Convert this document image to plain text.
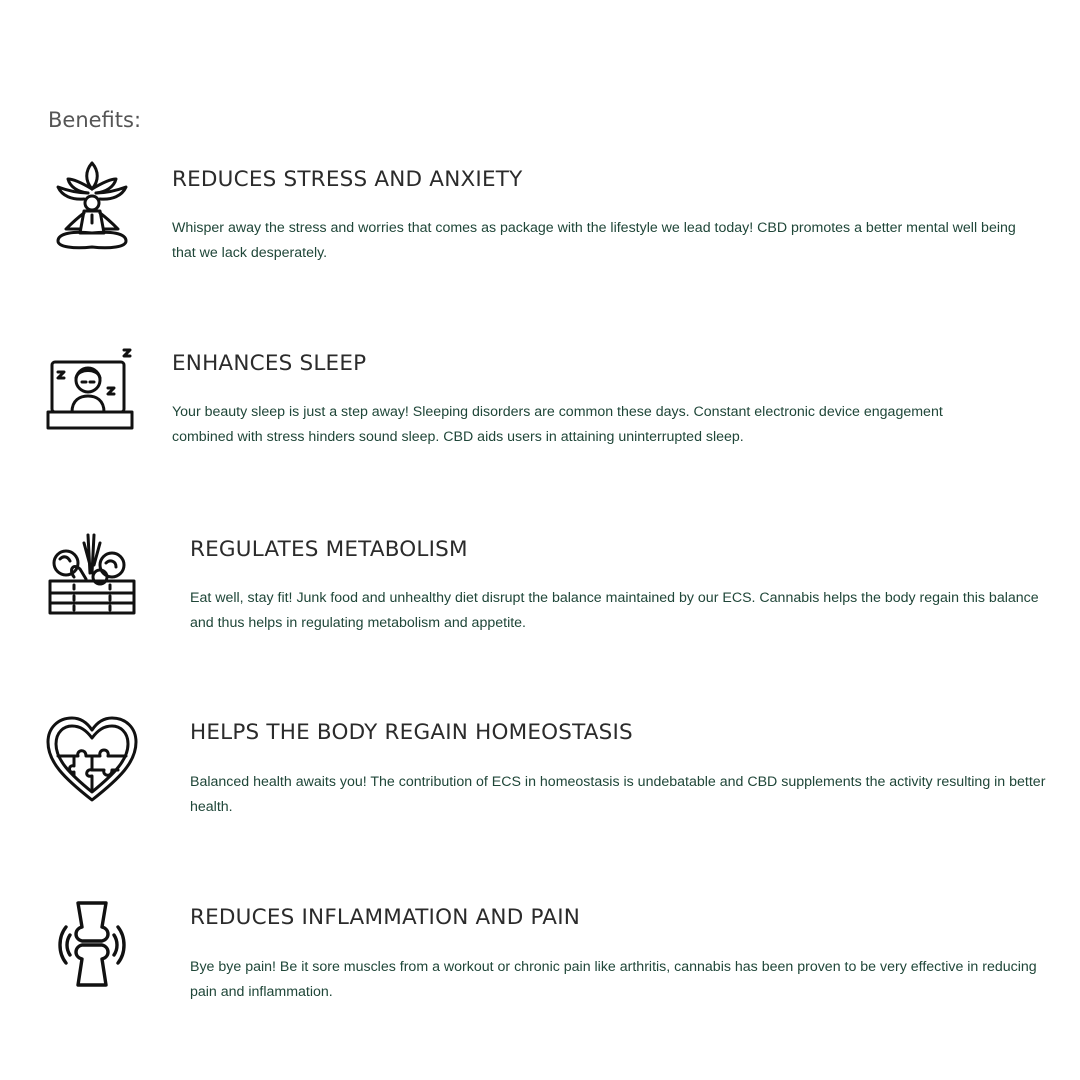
Benefits:
REDUCES STRESS AND ANXIETY

Whisper away the stress and worries that comes as package with the lifestyle we lead today! CBD promotes a better mental well being that we lack desperately.

ENHANCES SLEEP

Your beauty sleep is just a step away! Sleeping disorders are common these days. Constant electronic device engagement combined with stress hinders sound sleep. CBD aids users in attaining uninterrupted sleep.

REGULATES METABOLISM

Eat well, stay fit! Junk food and unhealthy diet disrupt the balance maintained by our ECS. Cannabis helps the body regain this balance and thus helps in regulating metabolism and appetite.

HELPS THE BODY REGAIN HOMEOSTASIS

Balanced health awaits you! The contribution of ECS in homeostasis is undebatable and CBD supplements the activity resulting in better health.

REDUCES INFLAMMATION AND PAIN

Bye bye pain! Be it sore muscles from a workout or chronic pain like arthritis, cannabis has been proven to be very effective in reducing pain and inflammation.
